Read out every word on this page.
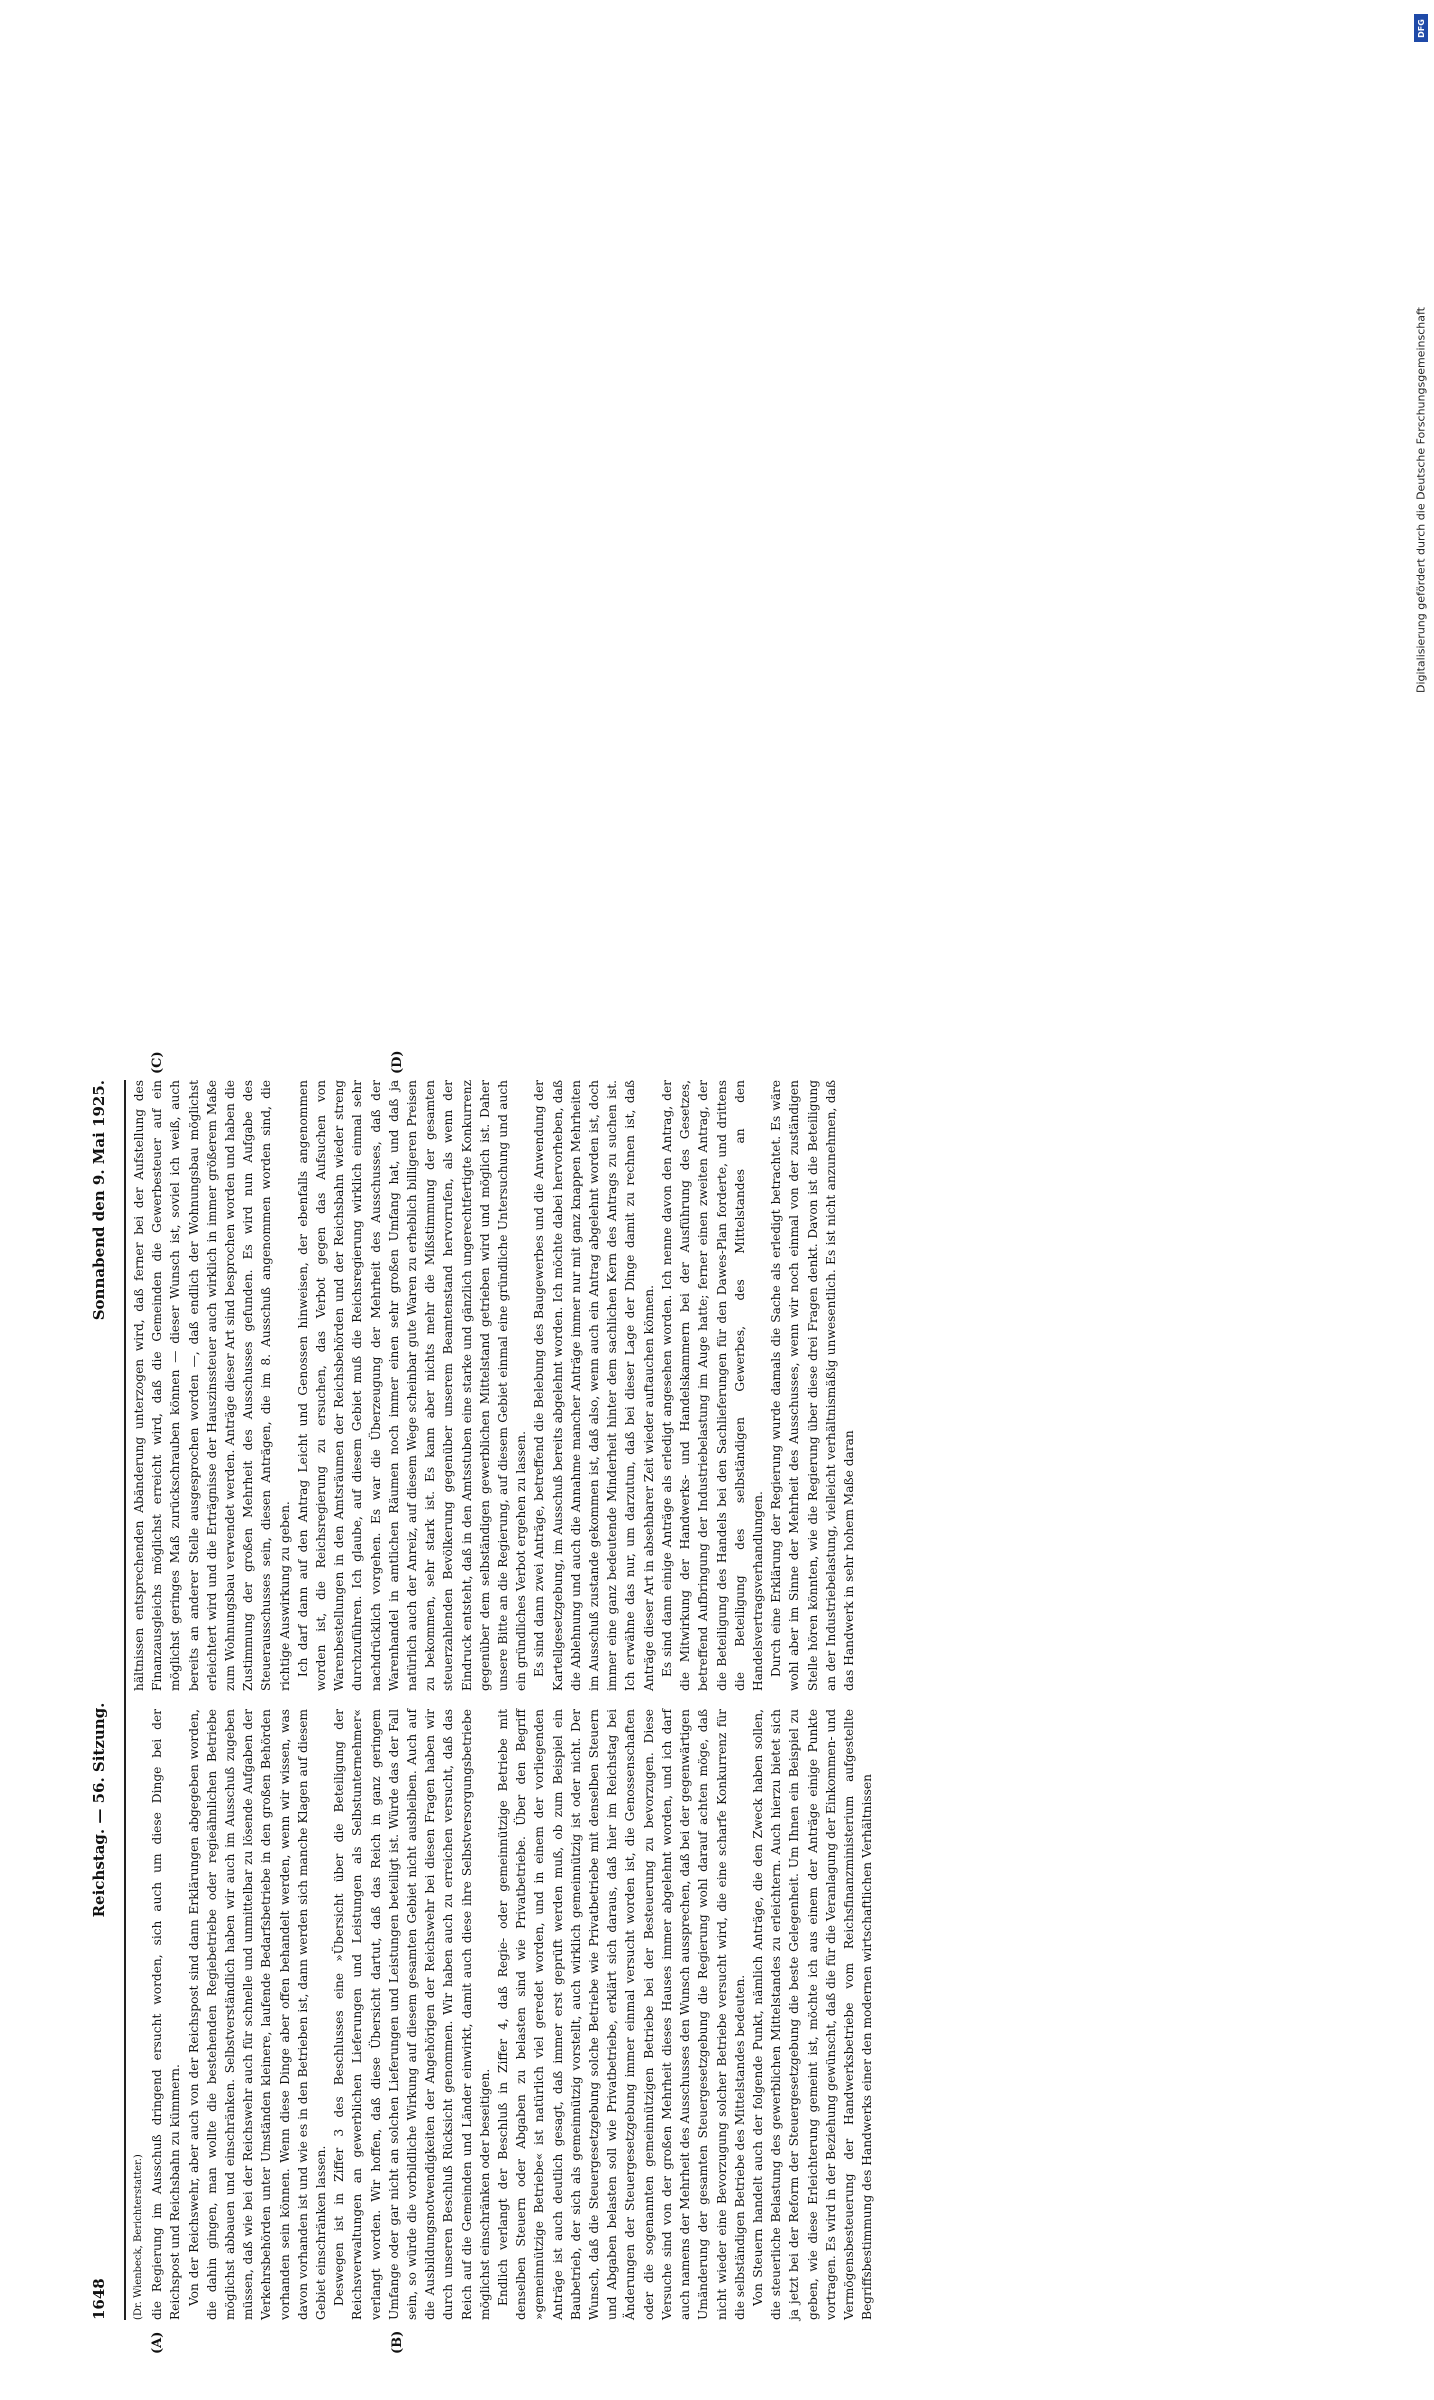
1648
Reichstag. — 56. Sitzung.
Sonnabend den 9. Mai 1925.

(Dr. Wienbeck, Berichterstatter.) die Regierung im Ausschuß dringend ersucht worden, sich auch um diese Dinge bei der Reichspost und Reichsbahn zu kümmern. Von der Reichswehr, aber auch von der Reichspost sind dann Erklärungen abgegeben worden, die dahin gingen, man wollte die bestehenden Regiebetriebe oder regieähnlichen Betriebe möglichst abbauen und einschränken. Selbstverständlich haben wir auch im Ausschuß zugeben müssen, daß wie bei der Reichswehr auch für schnelle und unmittelbar zu lösende Aufgaben der Verkehrsbehörden unter Umständen kleinere, laufende Bedarfsbetriebe in den großen Behörden vorhanden sein können. Wenn diese Dinge aber offen behandelt werden, wenn wir wissen, was davon vorhanden ist und wie es in den Betrieben ist, dann werden sich manche Klagen auf diesem Gebiet einschränken lassen. Deswegen ist in Ziffer 3 des Beschlusses eine »Übersicht über die Beteiligung der Reichsverwaltungen an gewerblichen Lieferungen und Leistungen als Selbstunternehmer« verlangt worden. Wir hoffen, daß diese Übersicht dartut, daß das Reich in ganz geringem Umfange oder gar nicht an solchen Lieferungen und Leistungen beteiligt ist. Würde das der Fall sein, so würde die vorbildliche Wirkung auf diesem gesamten Gebiet nicht ausbleiben. Auch auf die Ausbildungsnotwendigkeiten der Angehörigen der Reichswehr bei diesen Fragen haben wir durch unseren Beschluß Rücksicht genommen. Wir haben auch zu erreichen versucht, daß das Reich auf die Gemeinden und Länder einwirkt, damit auch diese ihre Selbstversorgungsbetriebe möglichst einschränken oder beseitigen. Endlich verlangt der Beschluß in Ziffer 4, daß Regie- oder gemeinnützige Betriebe mit denselben Steuern oder Abgaben zu belasten sind wie Privatbetriebe. Über den Begriff »gemeinnützige Betriebe« ist natürlich viel geredet worden, und in einem der vorliegenden Anträge ist auch deutlich gesagt, daß immer erst geprüft werden muß, ob zum Beispiel ein Baubetrieb, der sich als gemeinnützig vorstellt, auch wirklich gemeinnützig ist oder nicht. Der Wunsch, daß die Steuergesetzgebung solche Betriebe wie Privatbetriebe mit denselben Steuern und Abgaben belasten soll wie Privatbetriebe, erklärt sich daraus, daß hier im Reichstag bei Änderungen der Steuergesetzgebung immer einmal versucht worden ist, die Genossenschaften oder die sogenannten gemeinnützigen Betriebe bei der Besteuerung zu bevorzugen. Diese Versuche sind von der großen Mehrheit dieses Hauses immer abgelehnt worden, und ich darf auch namens der Mehrheit des Ausschusses den Wunsch aussprechen, daß bei der gegenwärtigen Umänderung der gesamten Steuergesetzgebung die Regierung wohl darauf achten möge, daß nicht wieder eine Bevorzugung solcher Betriebe versucht wird, die eine scharfe Konkurrenz für die selbständigen Betriebe des Mittelstandes bedeuten. Von Steuern handelt auch der folgende Punkt, nämlich Anträge, die den Zweck haben sollen, die steuerliche Belastung des gewerblichen Mittelstandes zu erleichtern. Auch hierzu bietet sich ja jetzt bei der Reform der Steuergesetzgebung die beste Gelegenheit. Um Ihnen ein Beispiel zu geben, wie diese Erleichterung gemeint ist, möchte ich aus einem der Anträge einige Punkte vortragen. Es wird in der Beziehung gewünscht, daß die für die Veranlagung der Einkommen- und Vermögensbesteuerung der Handwerksbetriebe vom Reichsfinanzministerium aufgestellte Begriffsbestimmung des Handwerks einer den modernen wirtschaftlichen Verhältnissen

hältnissen entsprechenden Abänderung unterzogen wird, daß ferner bei der Aufstellung des Finanzausgleichs möglichst erreicht wird, daß die Gemeinden die Gewerbesteuer auf ein möglichst geringes Maß zurückschrauben können — dieser Wunsch ist, soviel ich weiß, auch bereits an anderer Stelle ausgesprochen worden —, daß endlich der Wohnungsbau möglichst erleichtert wird und die Erträgnisse der Hauszinssteuer auch wirklich in immer größerem Maße zum Wohnungsbau verwendet werden. Anträge dieser Art sind besprochen worden und haben die Zustimmung der großen Mehrheit des Ausschusses gefunden. Es wird nun Aufgabe des Steuerausschusses sein, diesen Anträgen, die im 8. Ausschuß angenommen worden sind, die richtige Auswirkung zu geben. Ich darf dann auf den Antrag Leicht und Genossen hinweisen, der ebenfalls angenommen worden ist, die Reichsregierung zu ersuchen, das Verbot gegen das Aufsuchen von Warenbestellungen in den Amtsräumen der Reichsbehörden und der Reichsbahn wieder streng durchzuführen. Ich glaube, auf diesem Gebiet muß die Reichsregierung wirklich einmal sehr nachdrücklich vorgehen. Es war die Überzeugung der Mehrheit des Ausschusses, daß der Warenhandel in amtlichen Räumen noch immer einen sehr großen Umfang hat, und daß ja natürlich auch der Anreiz, auf diesem Wege scheinbar gute Waren zu erheblich billigeren Preisen zu bekommen, sehr stark ist. Es kann aber nichts mehr die Mißstimmung der gesamten steuerzahlenden Bevölkerung gegenüber unserem Beamtenstand hervorrufen, als wenn der Eindruck entsteht, daß in den Amtsstuben eine starke und gänzlich ungerechtfertigte Konkurrenz gegenüber dem selbständigen gewerblichen Mittelstand getrieben wird und möglich ist. Daher unsere Bitte an die Regierung, auf diesem Gebiet einmal eine gründliche Untersuchung und auch ein gründliches Verbot ergehen zu lassen. Es sind dann zwei Anträge, betreffend die Belebung des Baugewerbes und die Anwendung der Kartellgesetzgebung, im Ausschuß bereits abgelehnt worden. Ich möchte dabei hervorheben, daß die Ablehnung und auch die Annahme mancher Anträge immer nur mit ganz knappen Mehrheiten im Ausschuß zustande gekommen ist, daß also, wenn auch ein Antrag abgelehnt worden ist, doch immer eine ganz bedeutende Minderheit hinter dem sachlichen Kern des Antrags zu suchen ist. Ich erwähne das nur, um darzutun, daß bei dieser Lage der Dinge damit zu rechnen ist, daß Anträge dieser Art in absehbarer Zeit wieder auftauchen können. Es sind dann einige Anträge als erledigt angesehen worden. Ich nenne davon den Antrag, der die Mitwirkung der Handwerks- und Handelskammern bei der Ausführung des Gesetzes, betreffend Aufbringung der Industriebelastung im Auge hatte; ferner einen zweiten Antrag, der die Beteiligung des Handels bei den Sachlieferungen für den Dawes-Plan forderte, und drittens die Beteiligung des selbständigen Gewerbes, des Mittelstandes an den Handelsvertragsverhandlungen. Durch eine Erklärung der Regierung wurde damals die Sache als erledigt betrachtet. Es wäre wohl aber im Sinne der Mehrheit des Ausschusses, wenn wir noch einmal von der zuständigen Stelle hören könnten, wie die Regierung über diese drei Fragen denkt. Davon ist die Beteiligung an der Industriebelastung, vielleicht verhältnismäßig unwesentlich. Es ist nicht anzunehmen, daß das Handwerk in sehr hohem Maße daran

(A)	(B)
(C)	(D)
DFG
Digitalisierung gefördert durch die Deutsche Forschungsgemeinschaft
